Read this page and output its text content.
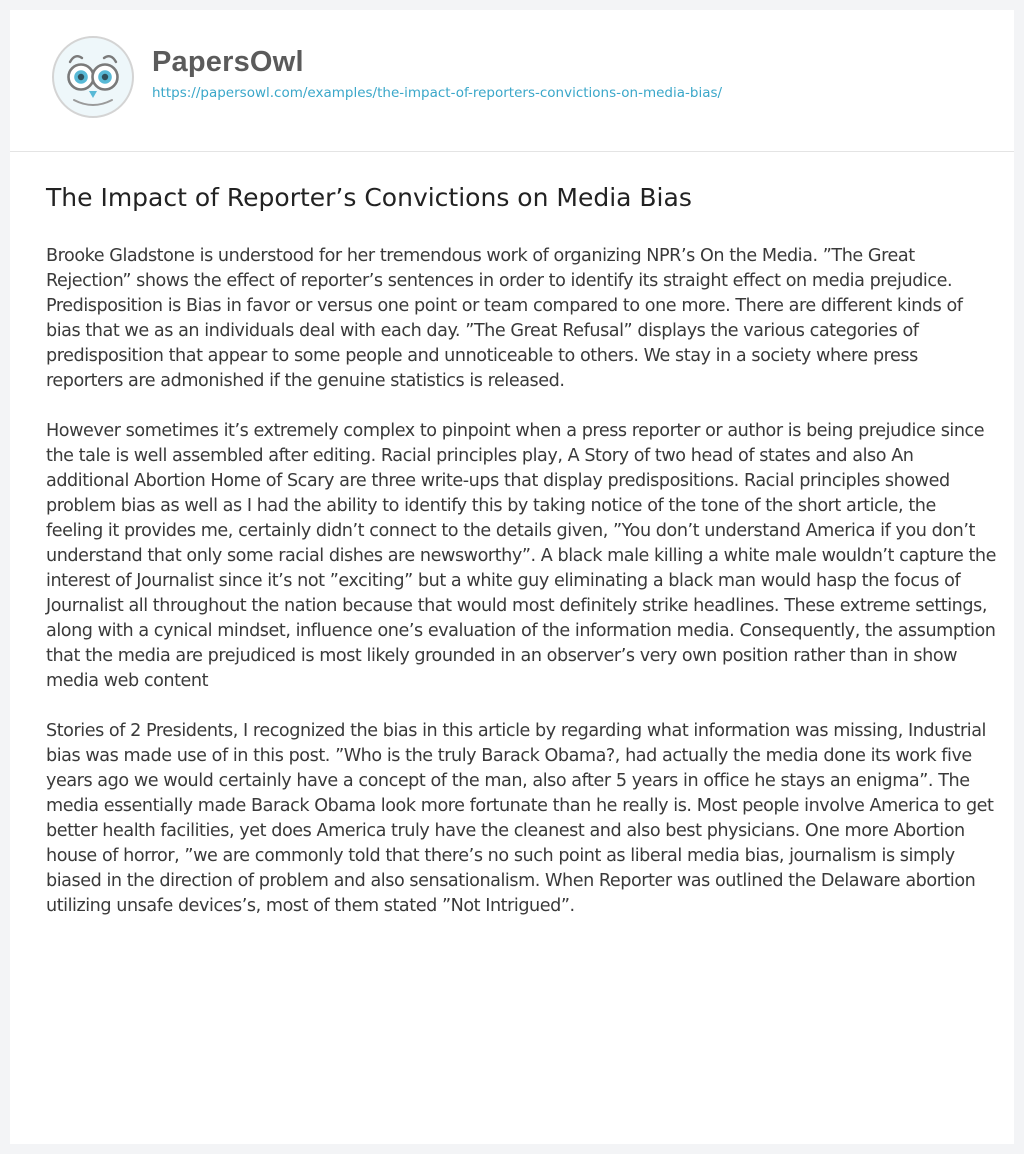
PapersOwl
https://papersowl.com/examples/the-impact-of-reporters-convictions-on-media-bias/
The Impact of Reporter’s Convictions on Media Bias

Brooke Gladstone is understood for her tremendous work of organizing NPR’s On the Media. ”The Great Rejection” shows the effect of reporter’s sentences in order to identify its straight effect on media prejudice. Predisposition is Bias in favor or versus one point or team compared to one more. There are different kinds of bias that we as an individuals deal with each day. ”The Great Refusal” displays the various categories of predisposition that appear to some people and unnoticeable to others. We stay in a society where press reporters are admonished if the genuine statistics is released.

However sometimes it’s extremely complex to pinpoint when a press reporter or author is being prejudice since the tale is well assembled after editing. Racial principles play, A Story of two head of states and also An additional Abortion Home of Scary are three write-ups that display predispositions. Racial principles showed problem bias as well as I had the ability to identify this by taking notice of the tone of the short article, the feeling it provides me, certainly didn’t connect to the details given, ”You don’t understand America if you don’t understand that only some racial dishes are newsworthy”. A black male killing a white male wouldn’t capture the interest of Journalist since it’s not ”exciting” but a white guy eliminating a black man would hasp the focus of Journalist all throughout the nation because that would most definitely strike headlines. These extreme settings, along with a cynical mindset, influence one’s evaluation of the information media. Consequently, the assumption that the media are prejudiced is most likely grounded in an observer’s very own position rather than in show media web content

Stories of 2 Presidents, I recognized the bias in this article by regarding what information was missing, Industrial bias was made use of in this post. ”Who is the truly Barack Obama?, had actually the media done its work five years ago we would certainly have a concept of the man, also after 5 years in office he stays an enigma”. The media essentially made Barack Obama look more fortunate than he really is. Most people involve America to get better health facilities, yet does America truly have the cleanest and also best physicians. One more Abortion house of horror, ”we are commonly told that there’s no such point as liberal media bias, journalism is simply biased in the direction of problem and also sensationalism. When Reporter was outlined the Delaware abortion utilizing unsafe devices’s, most of them stated ”Not Intrigued”.
